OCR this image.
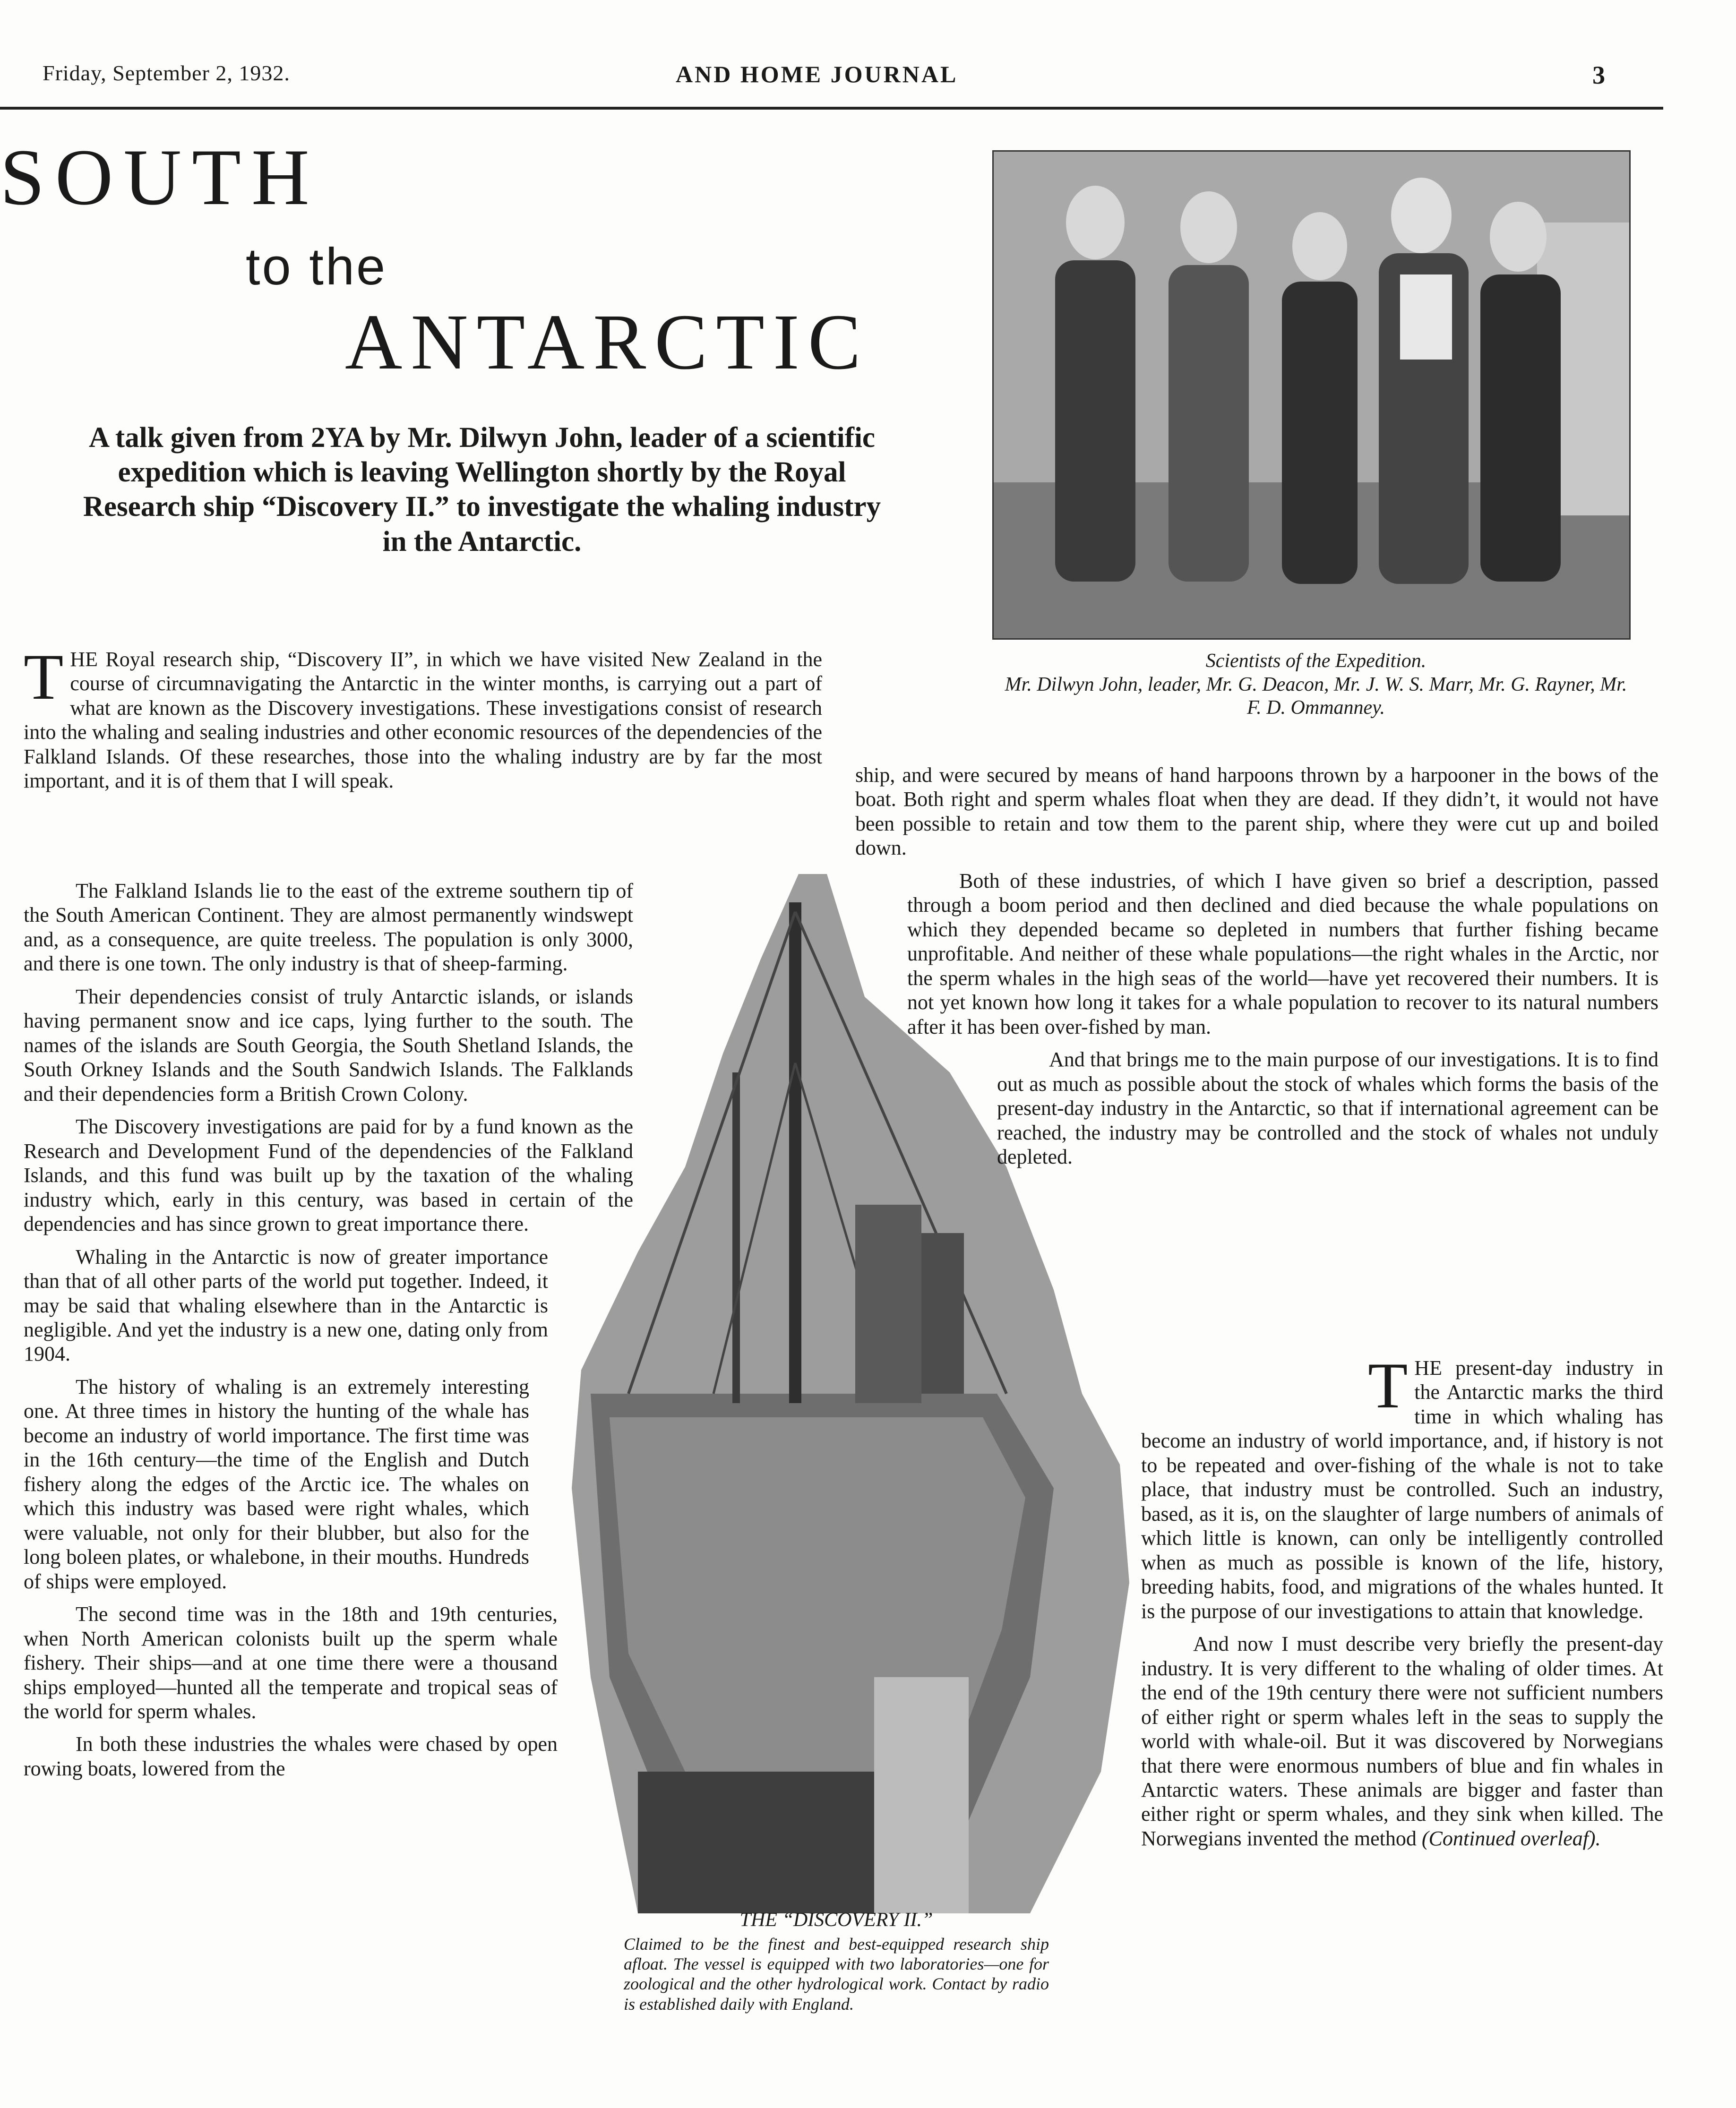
Friday, September 2, 1932.	AND HOME JOURNAL	3
SOUTH
to the
ANTARCTIC
A talk given from 2YA by Mr. Dilwyn John, leader of a scientific expedition which is leaving Wellington shortly by the Royal Research ship “Discovery II.” to investigate the whaling industry in the Antarctic.

Scientists of the Expedition.

Mr. Dilwyn John, leader, Mr. G. Deacon, Mr. J. W. S. Marr, Mr. G. Rayner, Mr. F. D. Ommanney.

THE Royal research ship, “Discovery II”, in which we have visited New Zealand in the course of circumnavigating the Antarctic in the winter months, is carrying out a part of what are known as the Discovery investigations. These investigations consist of research into the whaling and sealing industries and other economic resources of the dependencies of the Falkland Islands. Of these researches, those into the whaling industry are by far the most important, and it is of them that I will speak.

The Falkland Islands lie to the east of the extreme southern tip of the South American Continent. They are almost permanently windswept and, as a consequence, are quite treeless. The population is only 3000, and there is one town. The only industry is that of sheep-farming.

Their dependencies consist of truly Antarctic islands, or islands having permanent snow and ice caps, lying further to the south. The names of the islands are South Georgia, the South Shetland Islands, the South Orkney Islands and the South Sandwich Islands. The Falklands and their dependencies form a British Crown Colony.

The Discovery investigations are paid for by a fund known as the Research and Development Fund of the dependencies of the Falkland Islands, and this fund was built up by the taxation of the whaling industry which, early in this century, was based in certain of the dependencies and has since grown to great importance there.

Whaling in the Antarctic is now of greater importance than that of all other parts of the world put together. Indeed, it may be said that whaling elsewhere than in the Antarctic is negligible. And yet the industry is a new one, dating only from 1904.

The history of whaling is an extremely interesting one. At three times in history the hunting of the whale has become an industry of world importance. The first time was in the 16th century—the time of the English and Dutch fishery along the edges of the Arctic ice. The whales on which this industry was based were right whales, which were valuable, not only for their blubber, but also for the long boleen plates, or whalebone, in their mouths. Hundreds of ships were employed.

The second time was in the 18th and 19th centuries, when North American colonists built up the sperm whale fishery. Their ships—and at one time there were a thousand ships employed—hunted all the temperate and tropical seas of the world for sperm whales.

In both these industries the whales were chased by open rowing boats, lowered from the

THE “DISCOVERY II.”
Claimed to be the finest and best-equipped research ship afloat. The vessel is equipped with two laboratories—one for zoological and the other hydrological work. Contact by radio is established daily with England.

ship, and were secured by means of hand harpoons thrown by a harpooner in the bows of the boat. Both right and sperm whales float when they are dead. If they didn’t, it would not have been possible to retain and tow them to the parent ship, where they were cut up and boiled down.

Both of these industries, of which I have given so brief a description, passed through a boom period and then declined and died because the whale populations on which they depended became so depleted in numbers that further fishing became unprofitable. And neither of these whale populations—the right whales in the Arctic, nor the sperm whales in the high seas of the world—have yet recovered their numbers. It is not yet known how long it takes for a whale population to recover to its natural numbers after it has been over-fished by man.

And that brings me to the main purpose of our investigations. It is to find out as much as possible about the stock of whales which forms the basis of the present-day industry in the Antarctic, so that if international agreement can be reached, the industry may be controlled and the stock of whales not unduly depleted.

THE present-day industry in the Antarctic marks the third time in which whaling has become an industry of world importance, and, if history is not to be repeated and over-fishing of the whale is not to take place, that industry must be controlled. Such an industry, based, as it is, on the slaughter of large numbers of animals of which little is known, can only be intelligently controlled when as much as possible is known of the life, history, breeding habits, food, and migrations of the whales hunted. It is the purpose of our investigations to attain that knowledge.

And now I must describe very briefly the present-day industry. It is very different to the whaling of older times. At the end of the 19th century there were not sufficient numbers of either right or sperm whales left in the seas to supply the world with whale-oil. But it was discovered by Norwegians that there were enormous numbers of blue and fin whales in Antarctic waters. These animals are bigger and faster than either right or sperm whales, and they sink when killed. The Norwegians invented the method (Continued overleaf).
